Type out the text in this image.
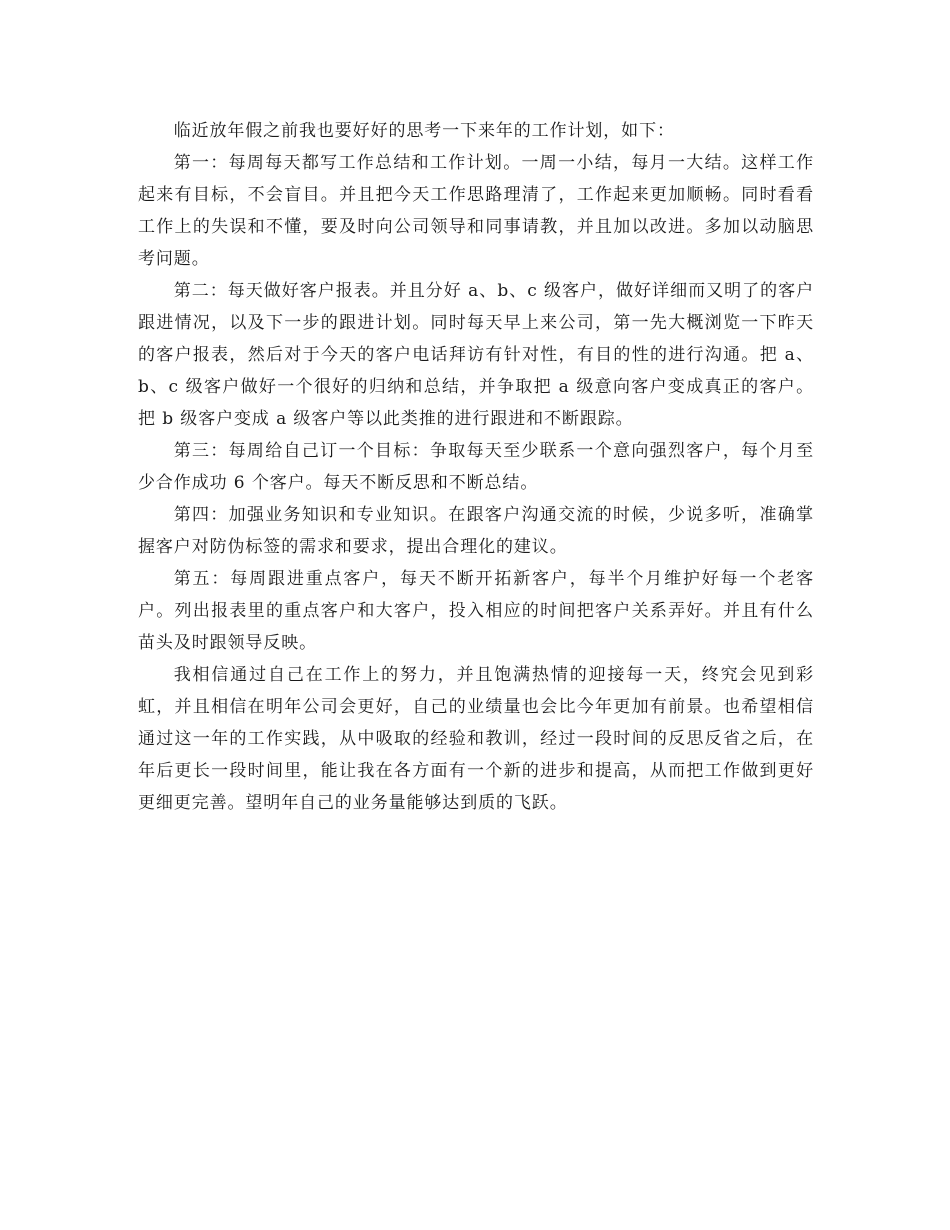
临近放年假之前我也要好好的思考一下来年的工作计划，如下：

第一：每周每天都写工作总结和工作计划。一周一小结，每月一大结。这样工作起来有目标，不会盲目。并且把今天工作思路理清了，工作起来更加顺畅。同时看看工作上的失误和不懂，要及时向公司领导和同事请教，并且加以改进。多加以动脑思考问题。

第二：每天做好客户报表。并且分好 a、b、c 级客户，做好详细而又明了的客户跟进情况，以及下一步的跟进计划。同时每天早上来公司，第一先大概浏览一下昨天的客户报表，然后对于今天的客户电话拜访有针对性，有目的性的进行沟通。把 a、b、c 级客户做好一个很好的归纳和总结，并争取把 a 级意向客户变成真正的客户。把 b 级客户变成 a 级客户等以此类推的进行跟进和不断跟踪。

第三：每周给自己订一个目标：争取每天至少联系一个意向强烈客户，每个月至少合作成功 6 个客户。每天不断反思和不断总结。

第四：加强业务知识和专业知识。在跟客户沟通交流的时候，少说多听，准确掌握客户对防伪标签的需求和要求，提出合理化的建议。

第五：每周跟进重点客户，每天不断开拓新客户，每半个月维护好每一个老客户。列出报表里的重点客户和大客户，投入相应的时间把客户关系弄好。并且有什么苗头及时跟领导反映。

我相信通过自己在工作上的努力，并且饱满热情的迎接每一天，终究会见到彩虹，并且相信在明年公司会更好，自己的业绩量也会比今年更加有前景。也希望相信通过这一年的工作实践，从中吸取的经验和教训，经过一段时间的反思反省之后，在年后更长一段时间里，能让我在各方面有一个新的进步和提高，从而把工作做到更好更细更完善。望明年自己的业务量能够达到质的飞跃。
